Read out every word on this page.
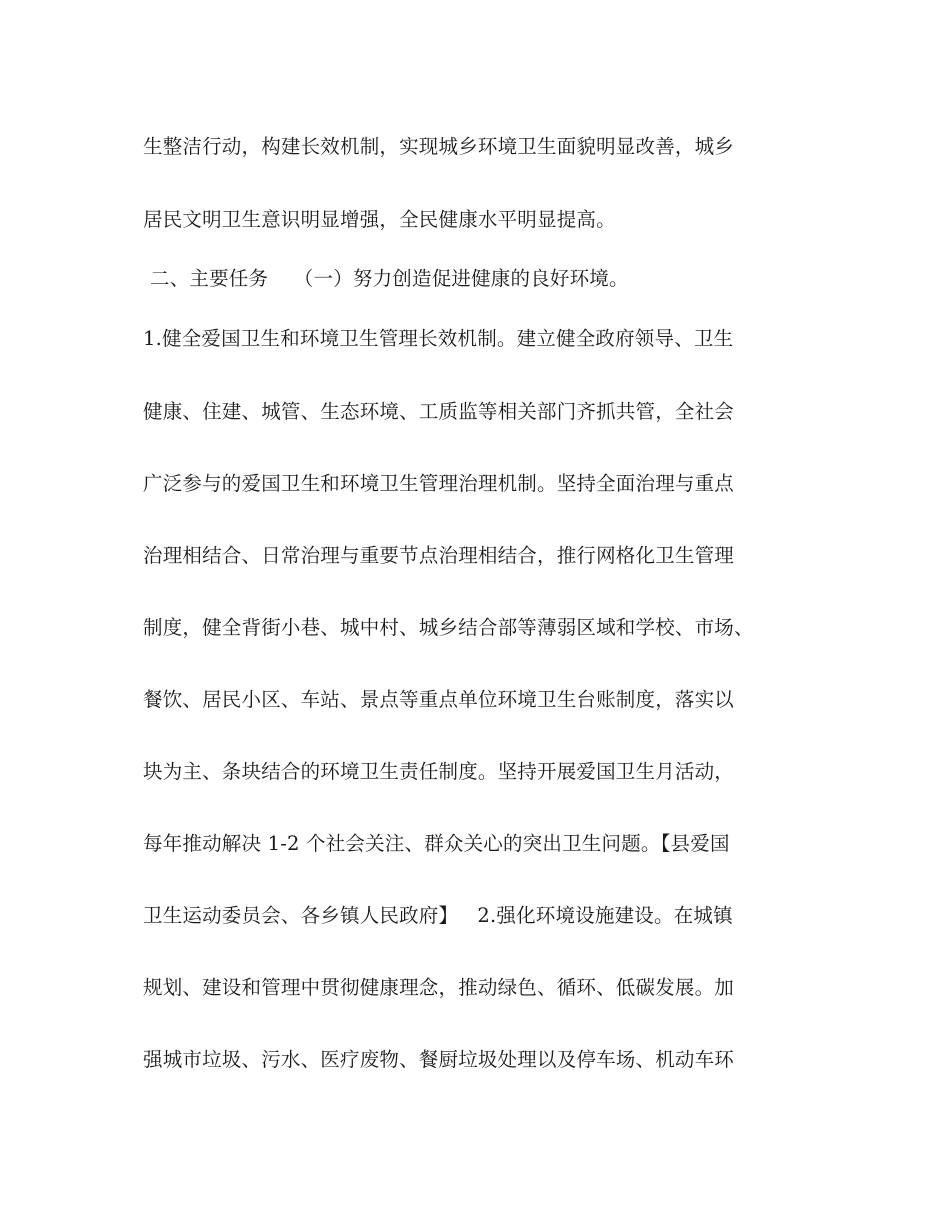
生整洁行动，构建长效机制，实现城乡环境卫生面貌明显改善，城乡
居民文明卫生意识明显增强，全民健康水平明显提高。
二、主要任务    （一）努力创造促进健康的良好环境。
1.健全爱国卫生和环境卫生管理长效机制。建立健全政府领导、卫生
健康、住建、城管、生态环境、工质监等相关部门齐抓共管，全社会
广泛参与的爱国卫生和环境卫生管理治理机制。坚持全面治理与重点
治理相结合、日常治理与重要节点治理相结合，推行网格化卫生管理
制度，健全背街小巷、城中村、城乡结合部等薄弱区域和学校、市场、
餐饮、居民小区、车站、景点等重点单位环境卫生台账制度，落实以
块为主、条块结合的环境卫生责任制度。坚持开展爱国卫生月活动，
每年推动解决 1-2 个社会关注、群众关心的突出卫生问题。【县爱国
卫生运动委员会、各乡镇人民政府】   2.强化环境设施建设。在城镇
规划、建设和管理中贯彻健康理念，推动绿色、循环、低碳发展。加
强城市垃圾、污水、医疗废物、餐厨垃圾处理以及停车场、机动车环
